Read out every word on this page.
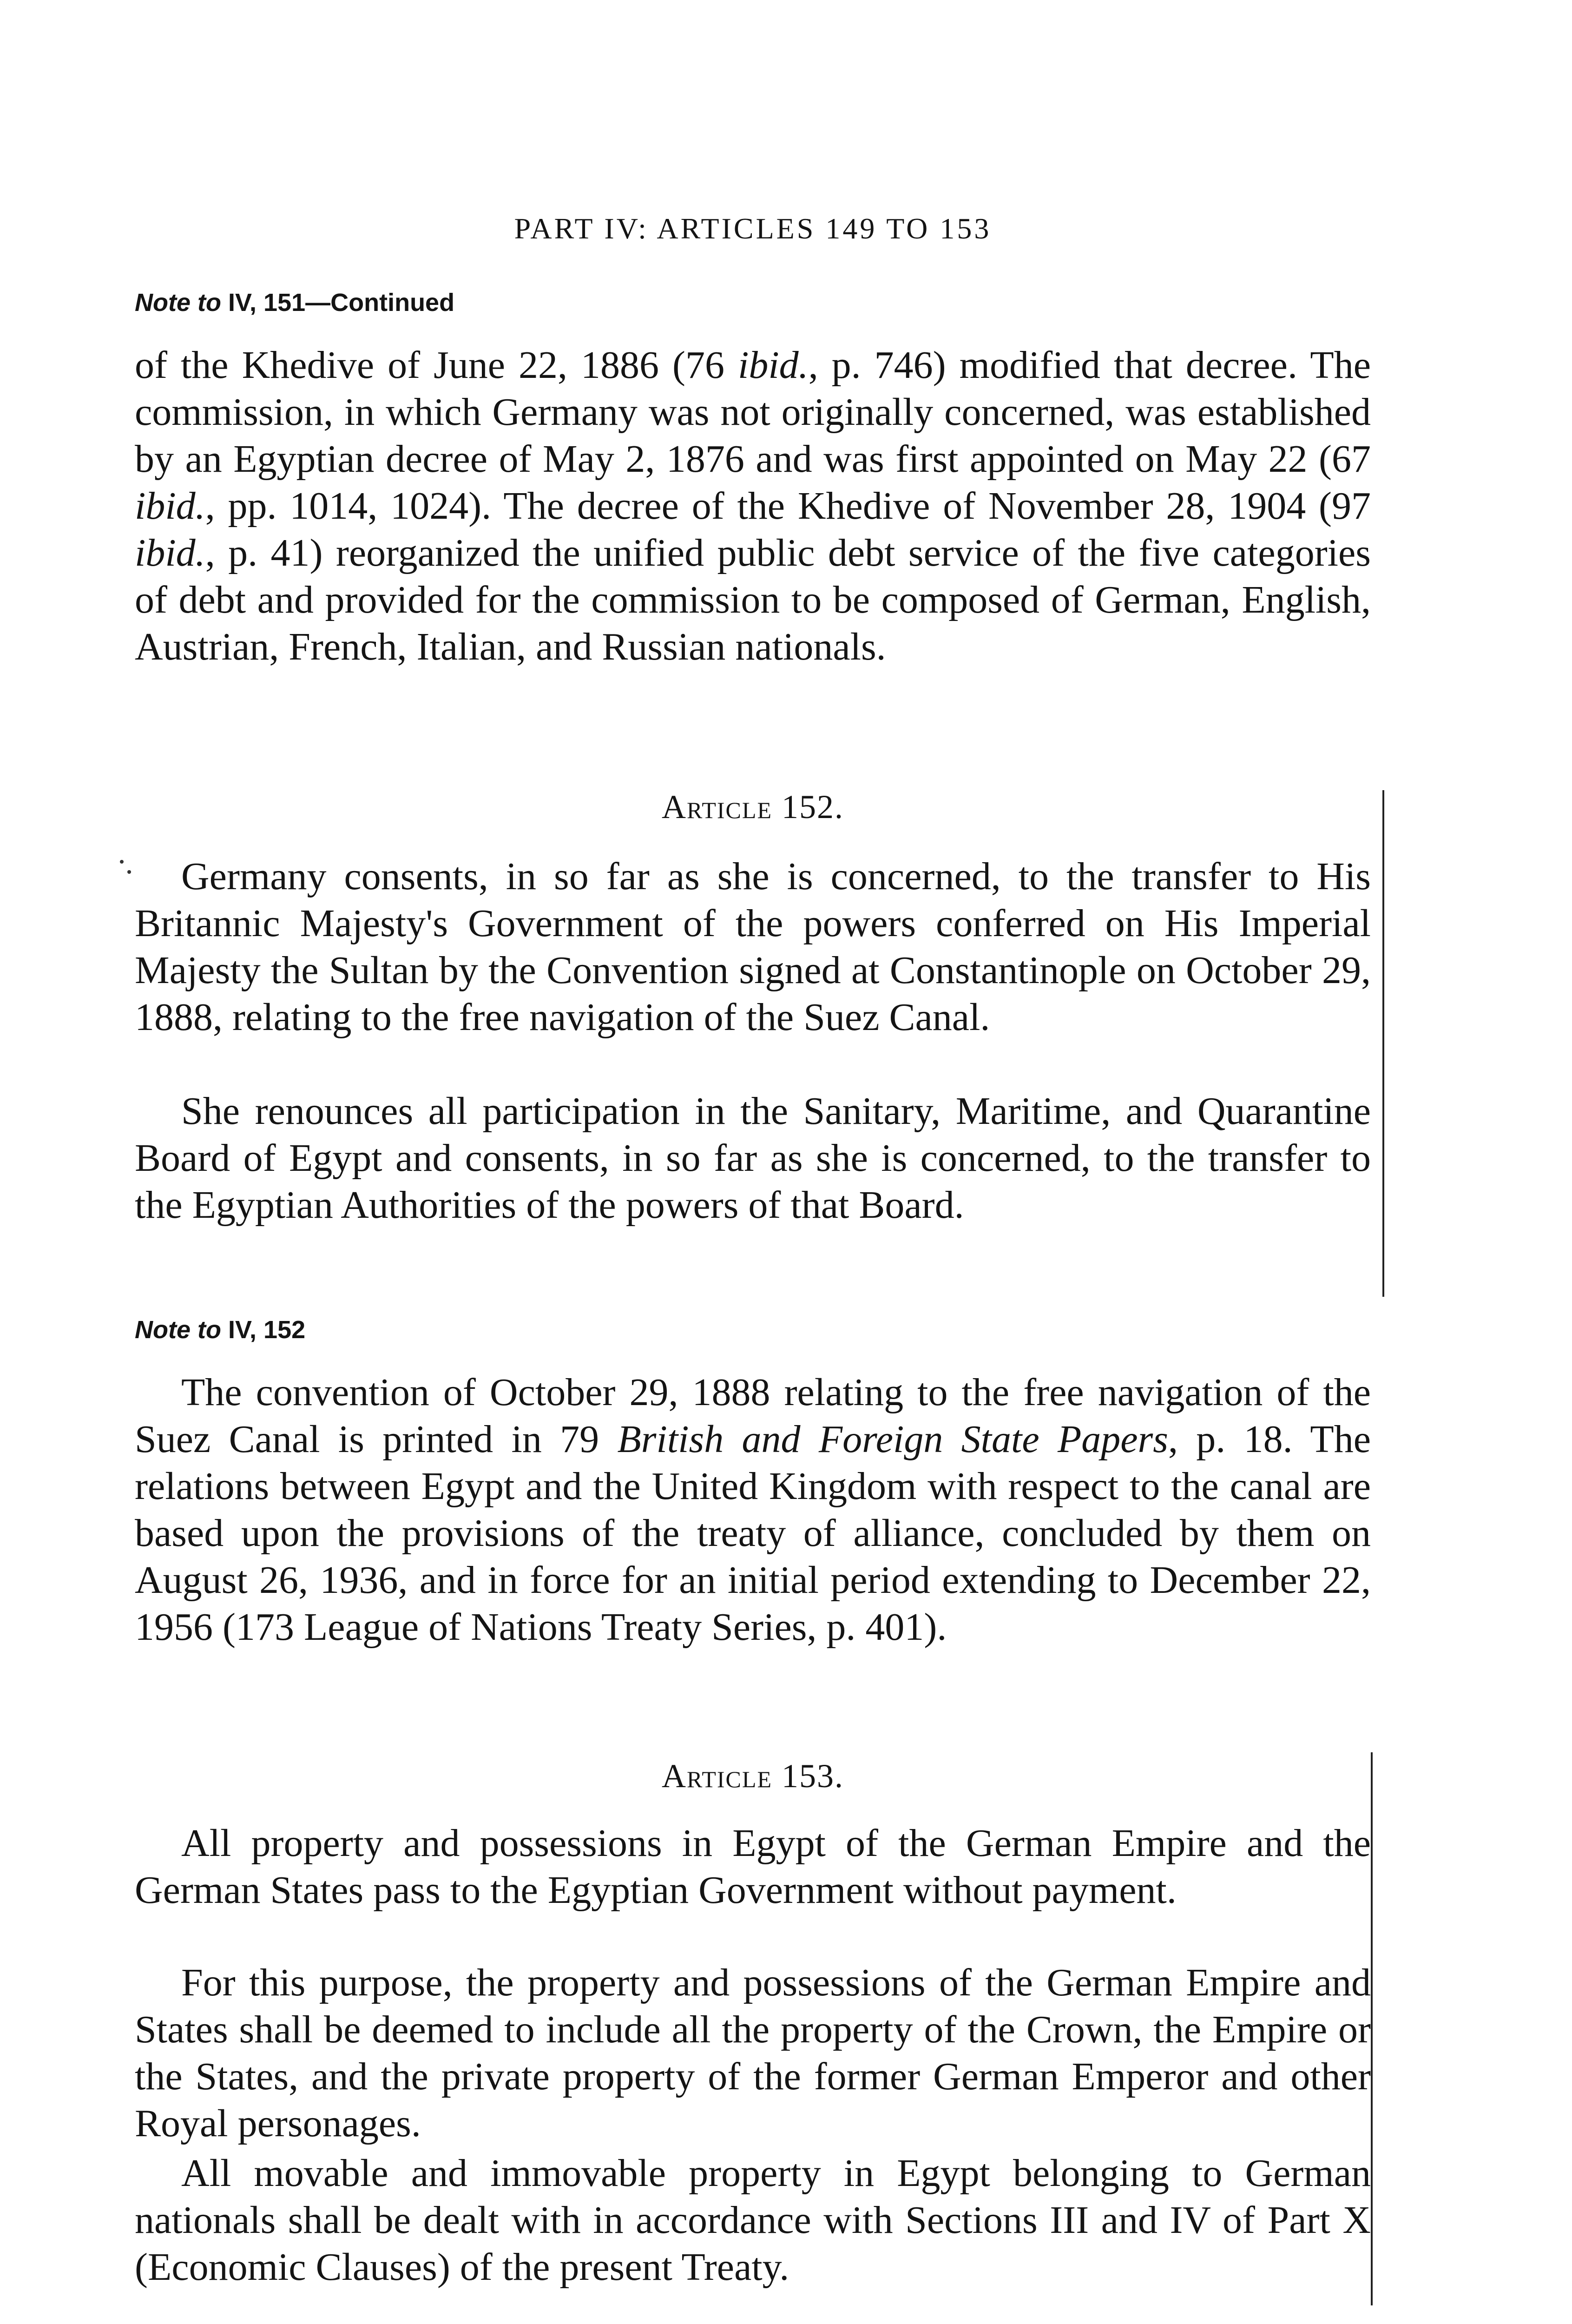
PART IV: ARTICLES 149 TO 153

Note to IV, 151—Continued

of the Khedive of June 22, 1886 (76 ibid., p. 746) modified that decree. The commission, in which Germany was not originally concerned, was established by an Egyptian decree of May 2, 1876 and was first appointed on May 22 (67 ibid., pp. 1014, 1024). The decree of the Khedive of November 28, 1904 (97 ibid., p. 41) reorganized the unified public debt service of the five categories of debt and provided for the commission to be composed of German, English, Austrian, French, Italian, and Russian nationals.

Article 152.

Germany consents, in so far as she is concerned, to the transfer to His Britannic Majesty's Government of the powers conferred on His Imperial Majesty the Sultan by the Convention signed at Constantinople on October 29, 1888, relating to the free navigation of the Suez Canal.

She renounces all participation in the Sanitary, Maritime, and Quarantine Board of Egypt and consents, in so far as she is concerned, to the transfer to the Egyptian Authorities of the powers of that Board.

Note to IV, 152

The convention of October 29, 1888 relating to the free navigation of the Suez Canal is printed in 79 British and Foreign State Papers, p. 18. The relations between Egypt and the United Kingdom with respect to the canal are based upon the provisions of the treaty of alliance, concluded by them on August 26, 1936, and in force for an initial period extending to December 22, 1956 (173 League of Nations Treaty Series, p. 401).

Article 153.

All property and possessions in Egypt of the German Empire and the German States pass to the Egyptian Government without payment.

For this purpose, the property and possessions of the German Empire and States shall be deemed to include all the property of the Crown, the Empire or the States, and the private property of the former German Emperor and other Royal personages.

All movable and immovable property in Egypt belonging to German nationals shall be dealt with in accordance with Sections III and IV of Part X (Economic Clauses) of the present Treaty.
